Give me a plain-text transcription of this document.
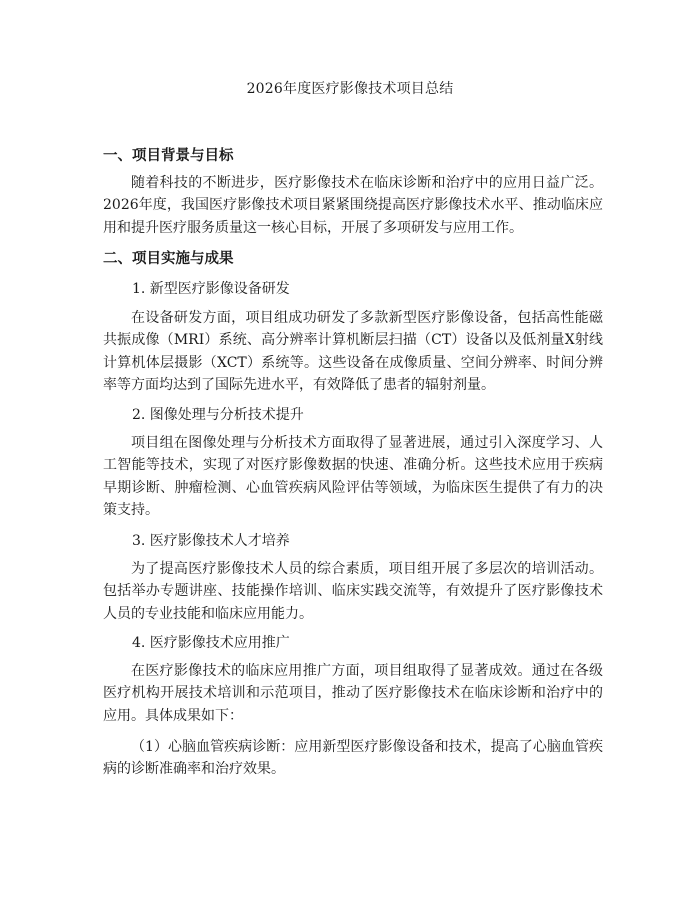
2026年度医疗影像技术项目总结
一、项目背景与目标

随着科技的不断进步，医疗影像技术在临床诊断和治疗中的应用日益广泛。2026年度，我国医疗影像技术项目紧紧围绕提高医疗影像技术水平、推动临床应用和提升医疗服务质量这一核心目标，开展了多项研发与应用工作。

二、项目实施与成果
1. 新型医疗影像设备研发

在设备研发方面，项目组成功研发了多款新型医疗影像设备，包括高性能磁共振成像（MRI）系统、高分辨率计算机断层扫描（CT）设备以及低剂量X射线计算机体层摄影（XCT）系统等。这些设备在成像质量、空间分辨率、时间分辨率等方面均达到了国际先进水平，有效降低了患者的辐射剂量。

2. 图像处理与分析技术提升

项目组在图像处理与分析技术方面取得了显著进展，通过引入深度学习、人工智能等技术，实现了对医疗影像数据的快速、准确分析。这些技术应用于疾病早期诊断、肿瘤检测、心血管疾病风险评估等领域，为临床医生提供了有力的决策支持。

3. 医疗影像技术人才培养

为了提高医疗影像技术人员的综合素质，项目组开展了多层次的培训活动。包括举办专题讲座、技能操作培训、临床实践交流等，有效提升了医疗影像技术人员的专业技能和临床应用能力。

4. 医疗影像技术应用推广

在医疗影像技术的临床应用推广方面，项目组取得了显著成效。通过在各级医疗机构开展技术培训和示范项目，推动了医疗影像技术在临床诊断和治疗中的应用。具体成果如下：

（1）心脑血管疾病诊断：应用新型医疗影像设备和技术，提高了心脑血管疾病的诊断准确率和治疗效果。
